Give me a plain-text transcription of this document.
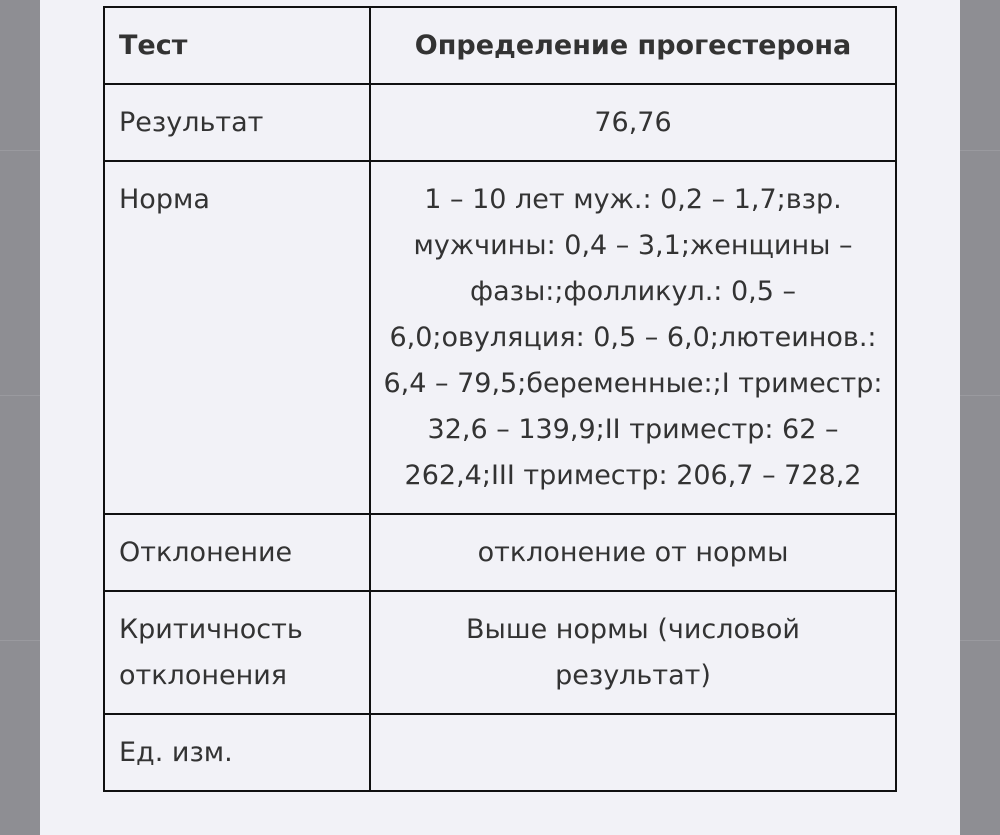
Тест	Определение прогестерона
Результат	76,76
Норма	1 – 10 лет муж.: 0,2 – 1,7;взр. мужчины: 0,4 – 3,1;женщины – фазы:;фолликул.: 0,5 – 6,0;овуляция: 0,5 – 6,0;лютеинов.: 6,4 – 79,5;беременные:;I триместр: 32,6 – 139,9;II триместр: 62 – 262,4;III триместр: 206,7 – 728,2
Отклонение	отклонение от нормы
Критичность отклонения	Выше нормы (числовой результат)
Ед. изм.	
